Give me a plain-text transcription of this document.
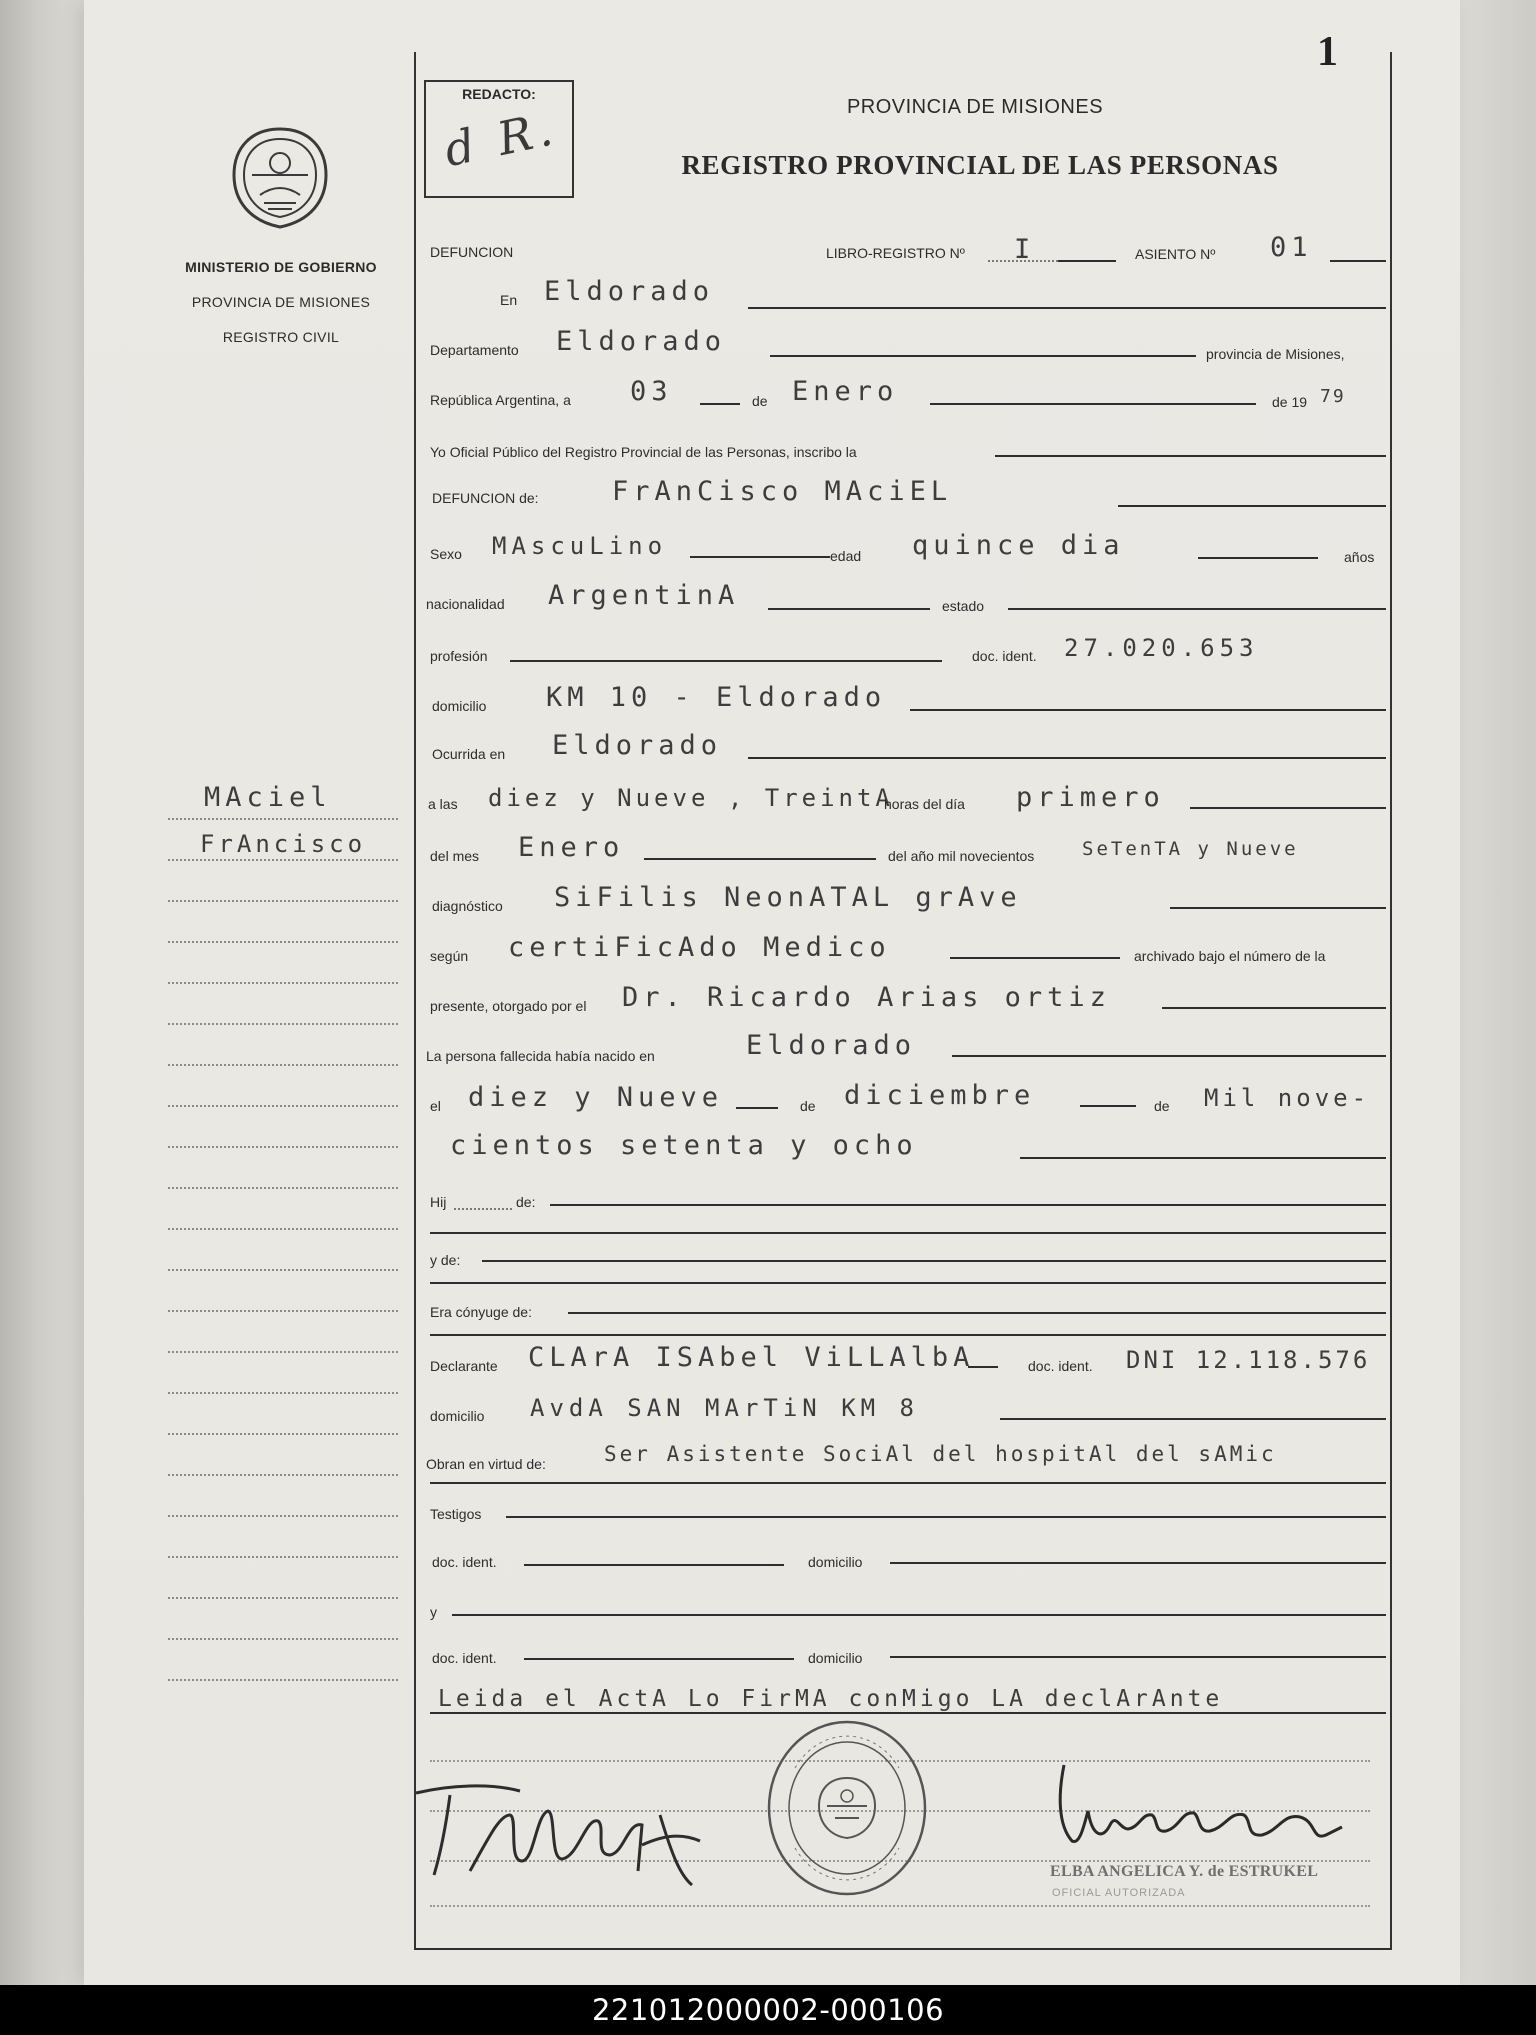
1
MINISTERIO DE GOBIERNO
PROVINCIA DE MISIONES
REGISTRO CIVIL
REDACTO:
d R.	PROVINCIA DE MISIONES
REGISTRO PROVINCIAL DE LAS PERSONAS
DEFUNCION	LIBRO-REGISTRO Nº I	ASIENTO Nº 01
En Eldorado
Departamento Eldorado	provincia de Misiones,
República Argentina, a 03	de Enero	de 19 79
Yo Oficial Público del Registro Provincial de las Personas, inscribo la
DEFUNCION de:	FrAnCisco MAciEL
Sexo MAscuLino	edad quince dia	años
nacionalidad ArgentinA	estado
profesión	doc. ident. 27.020.653
domicilio KM 10 - Eldorado
Ocurrida en Eldorado
a las diez y Nueve , TreintA
horas del día primero
del mes Enero	del año mil novecientos	SeTenTA y Nueve
diagnóstico SiFilis NeonATAL grAve
según certiFicAdo Medico	archivado bajo el número de la
presente, otorgado por el Dr. Ricardo Arias ortiz
La persona fallecida había nacido en	Eldorado
el diez y Nueve	de diciembre	de Mil nove-
cientos setenta y ocho
Hij	de:
y de:
Era cónyuge de:
Declarante CLArA ISAbel ViLLAlbA	doc. ident. DNI 12.118.576
domicilio AvdA SAN MArTiN KM 8
Obran en virtud de:	Ser Asistente SociAl del hospitAl del sAMic
Testigos
doc. ident.	domicilio
y
doc. ident.	domicilio
Leida el ActA Lo FirMA conMigo LA declArAnte
MAciel
FrAncisco
ELBA ANGELICA Y. de ESTRUKEL
OFICIAL AUTORIZADA
221012000002-000106
